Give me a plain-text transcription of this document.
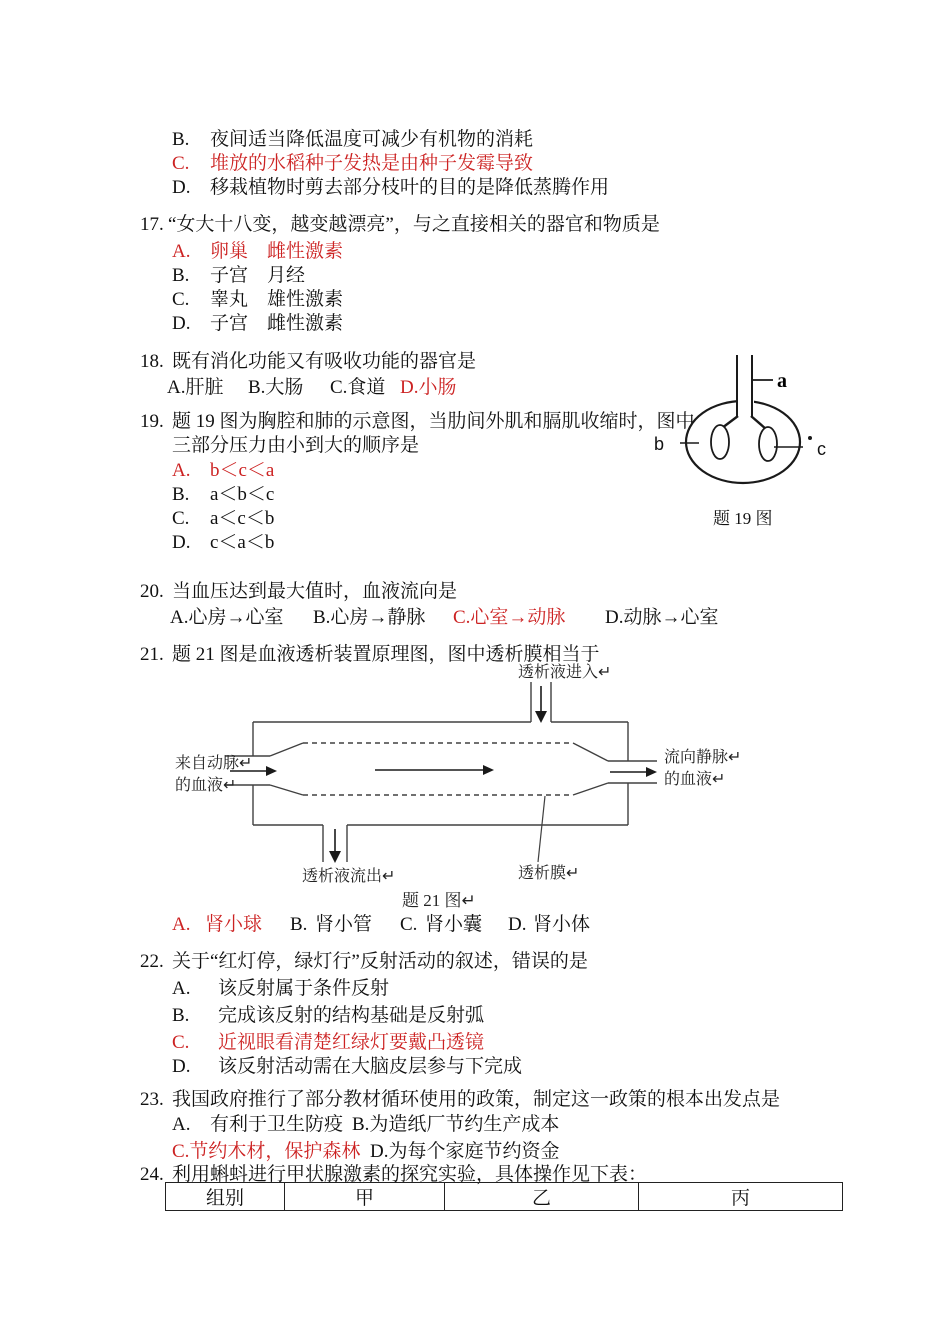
B. 夜间适当降低温度可减少有机物的消耗
C. 堆放的水稻种子发热是由种子发霉导致
D. 移栽植物时剪去部分枝叶的目的是降低蒸腾作用
17. “女大十八变，越变越漂亮”，与之直接相关的器官和物质是
A. 卵巢　雌性激素
B. 子宫　月经
C. 睾丸　雄性激素
D. 子宫　雌性激素
18. 既有消化功能又有吸收功能的器官是
A.肝脏 B.大肠 C.食道 D.小肠
19. 题 19 图为胸腔和肺的示意图，当肋间外肌和膈肌收缩时，图中
三部分压力由小到大的顺序是
A. b＜c＜a
B. a＜b＜c
C. a＜c＜b
D. c＜a＜b
a
b	c
题 19 图
20. 当血压达到最大值时，血液流向是
A.心房→心室 B.心房→静脉 C.心室→动脉 D.动脉→心室
21. 题 21 图是血液透析装置原理图，图中透析膜相当于
透析液进入↵
来自动脉↵
的血液↵
流向静脉↵
的血液↵
透析液流出↵	透析膜↵
题 21 图↵
A. 肾小球 B. 肾小管 C. 肾小囊 D. 肾小体
22. 关于“红灯停，绿灯行”反射活动的叙述，错误的是
A. 该反射属于条件反射
B. 完成该反射的结构基础是反射弧
C. 近视眼看清楚红绿灯要戴凸透镜
D. 该反射活动需在大脑皮层参与下完成
23. 我国政府推行了部分教材循环使用的政策，制定这一政策的根本出发点是
A. 有利于卫生防疫 B.为造纸厂节约生产成本
C.节约木材，保护森林 D.为每个家庭节约资金
24. 利用蝌蚪进行甲状腺激素的探究实验，具体操作见下表：
组别	甲	乙	丙
